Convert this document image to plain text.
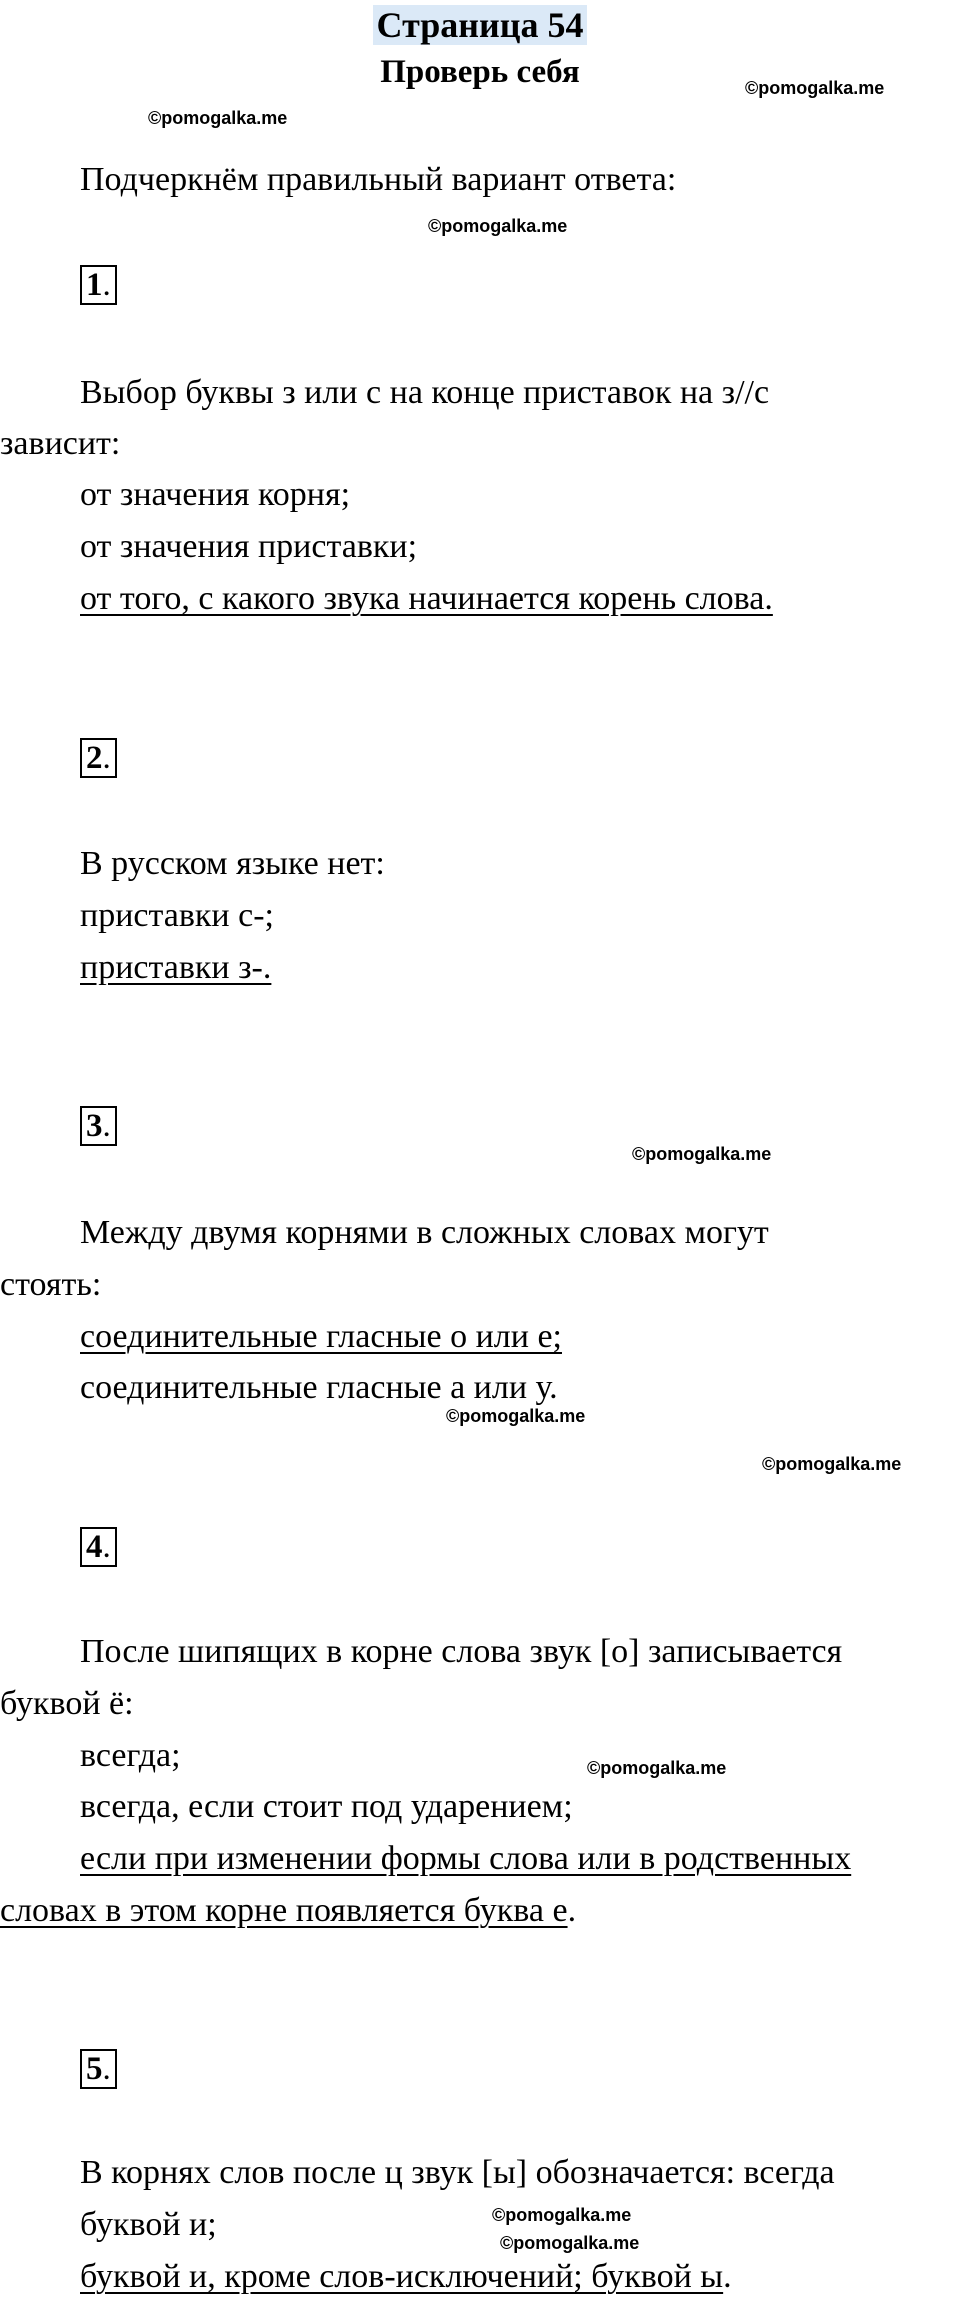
Страница 54
Проверь себя	©pomogalka.me
©pomogalka.me
©pomogalka.me
©pomogalka.me
©pomogalka.me
©pomogalka.me
©pomogalka.me
©pomogalka.me
©pomogalka.me
Подчеркнём правильный вариант ответа:
1.
Выбор буквы з или с на конце приставок на з//с
зависит:
от значения корня;
от значения приставки;
от того, с какого звука начинается корень слова.
2.
В русском языке нет:
приставки с-;
приставки з-.
3.
Между двумя корнями в сложных словах могут
стоять:
соединительные гласные о или е;
соединительные гласные а или у.
4.
После шипящих в корне слова звук [о] записывается
буквой ё:
всегда;
всегда, если стоит под ударением;
если при изменении формы слова или в родственных
словах в этом корне появляется буква е.
5.
В корнях слов после ц звук [ы] обозначается: всегда
буквой и;
буквой и, кроме слов-исключений; буквой ы.
